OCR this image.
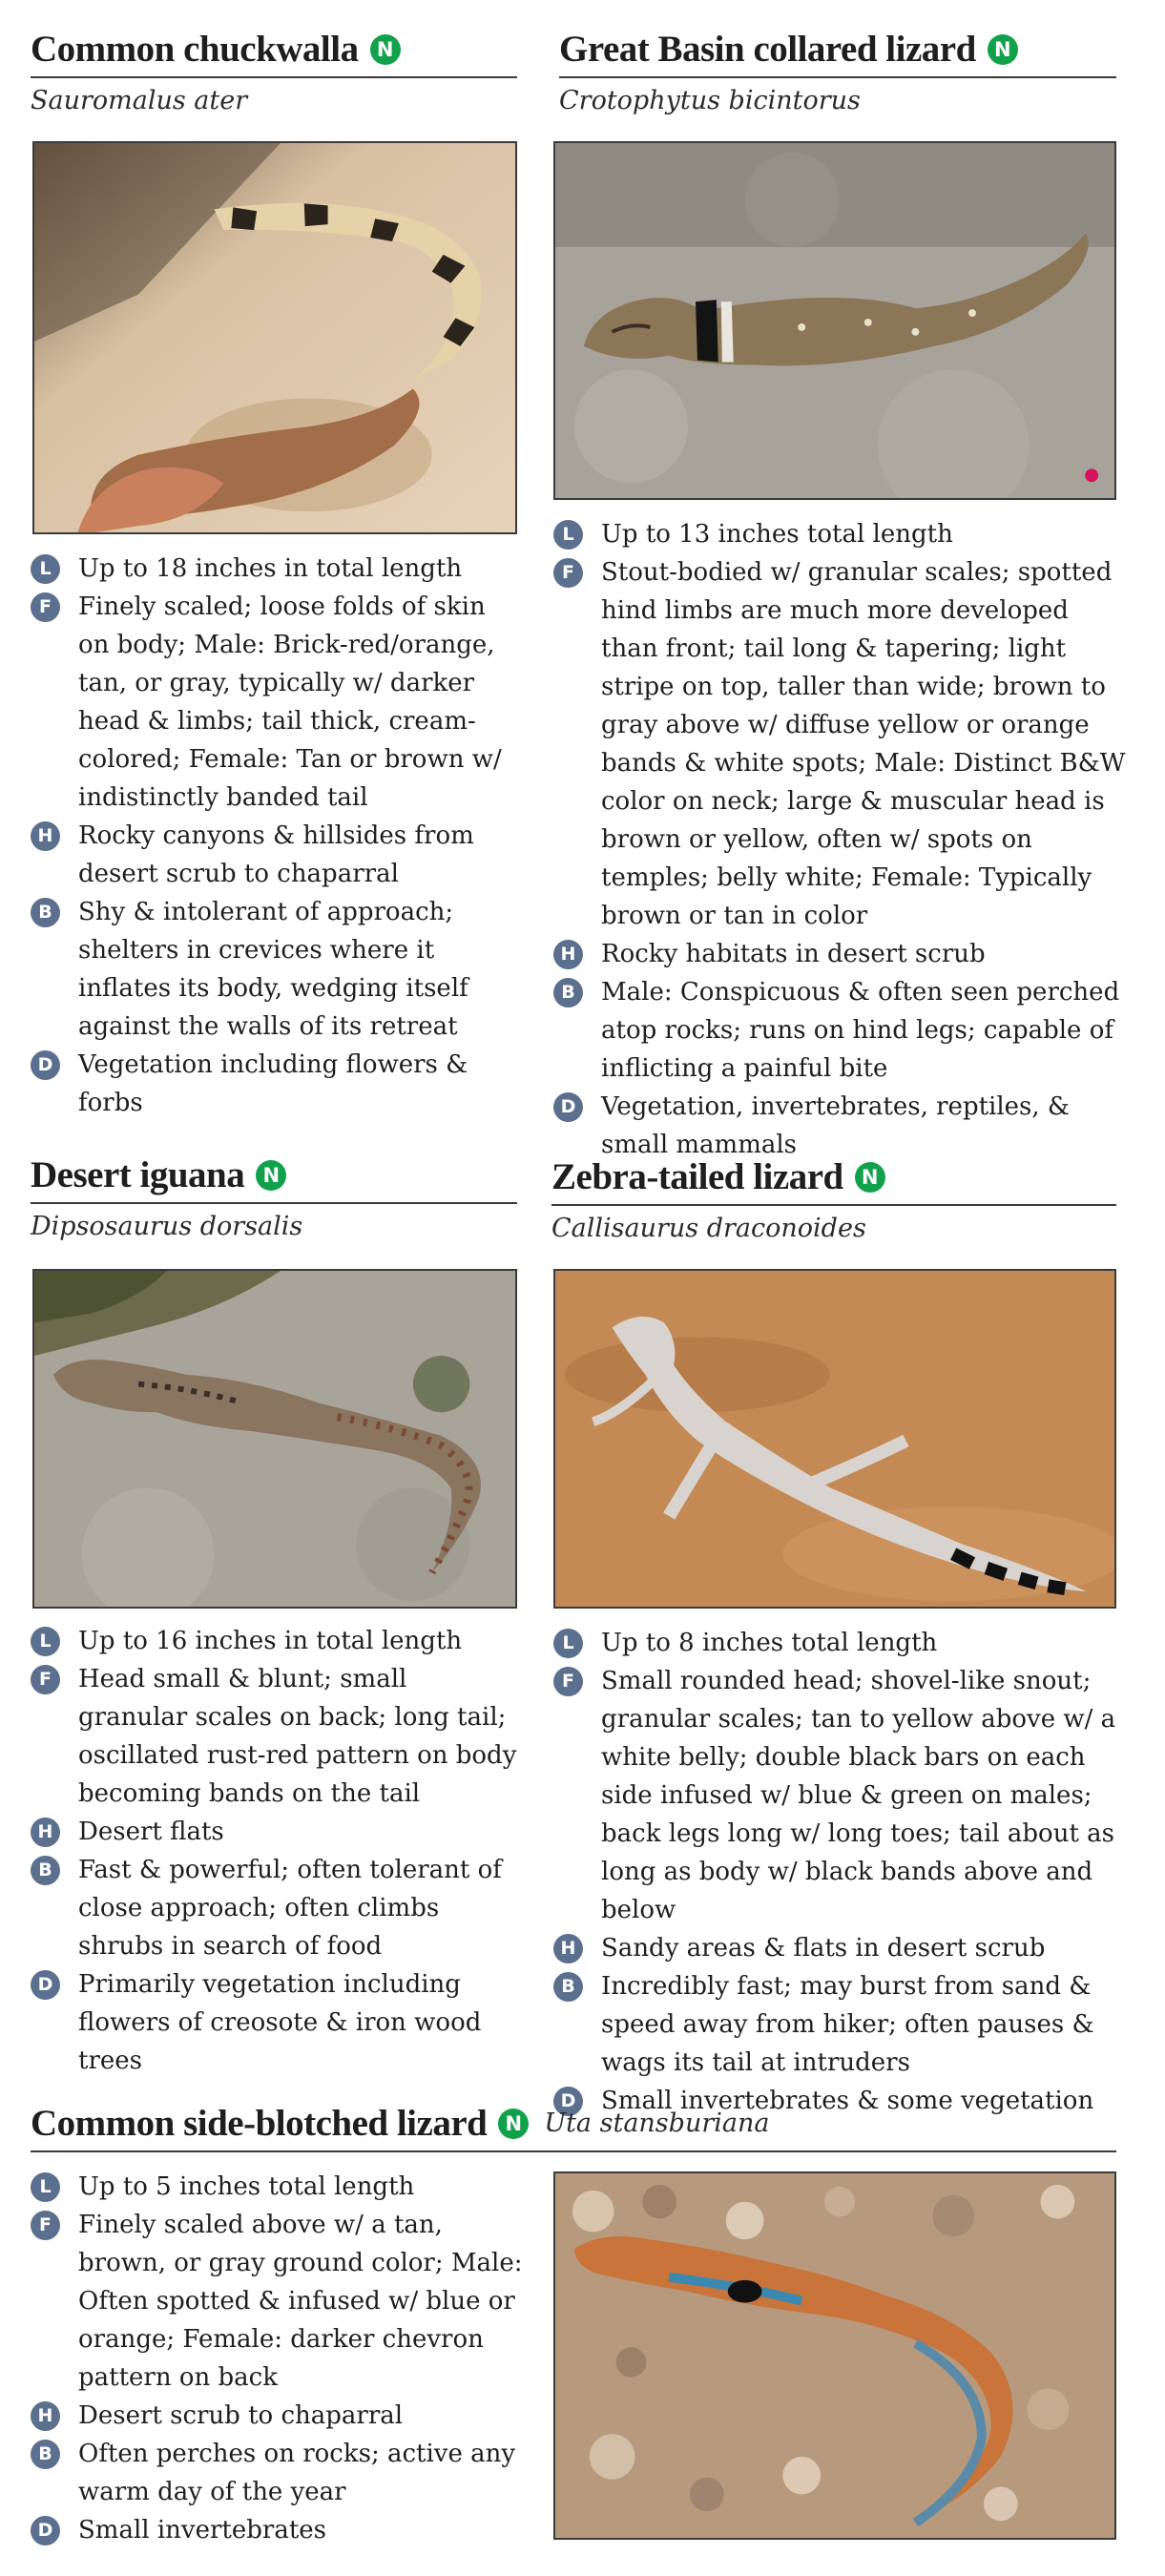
Common chuckwalla N
Sauromalus ater
L	Up to 18 inches in total length
F	Finely scaled; loose folds of skin on body; Male: Brick-red/orange, tan, or gray, typically w/ darker head & limbs; tail thick, cream-colored; Female: Tan or brown w/ indistinctly banded tail
H Rocky canyons & hillsides from desert scrub to chaparral
B	Shy & intolerant of approach; shelters in crevices where it inflates its body, wedging itself against the walls of its retreat
D Vegetation including flowers & forbs
Great Basin collared lizard N
Crotophytus bicintorus
L	Up to 13 inches total length
F	Stout-bodied w/ granular scales; spotted hind limbs are much more developed than front; tail long & tapering; light stripe on top, taller than wide; brown to gray above w/ diffuse yellow or orange bands & white spots; Male: Distinct B&W color on neck; large & muscular head is brown or yellow, often w/ spots on temples; belly white; Female: Typically brown or tan in color
H Rocky habitats in desert scrub
B	Male: Conspicuous & often seen perched atop rocks; runs on hind legs; capable of inflicting a painful bite
D Vegetation, invertebrates, reptiles, & small mammals
Desert iguana N
Dipsosaurus dorsalis
L	Up to 16 inches in total length
F	Head small & blunt; small granular scales on back; long tail; oscillated rust-red pattern on body becoming bands on the tail
H Desert flats
B	Fast & powerful; often tolerant of close approach; often climbs shrubs in search of food
D Primarily vegetation including flowers of creosote & iron wood trees
Zebra-tailed lizard N
Callisaurus draconoides
L	Up to 8 inches total length
F	Small rounded head; shovel-like snout; granular scales; tan to yellow above w/ a white belly; double black bars on each side infused w/ blue & green on males; back legs long w/ long toes; tail about as long as body w/ black bands above and below
H Sandy areas & flats in desert scrub
B	Incredibly fast; may burst from sand & speed away from hiker; often pauses & wags its tail at intruders
D Small invertebrates & some vegetation
Common side-blotched lizard N Uta stansburiana
L	Up to 5 inches total length
F	Finely scaled above w/ a tan, brown, or gray ground color; Male: Often spotted & infused w/ blue or orange; Female: darker chevron pattern on back
H Desert scrub to chaparral
B	Often perches on rocks; active any warm day of the year
D Small invertebrates
